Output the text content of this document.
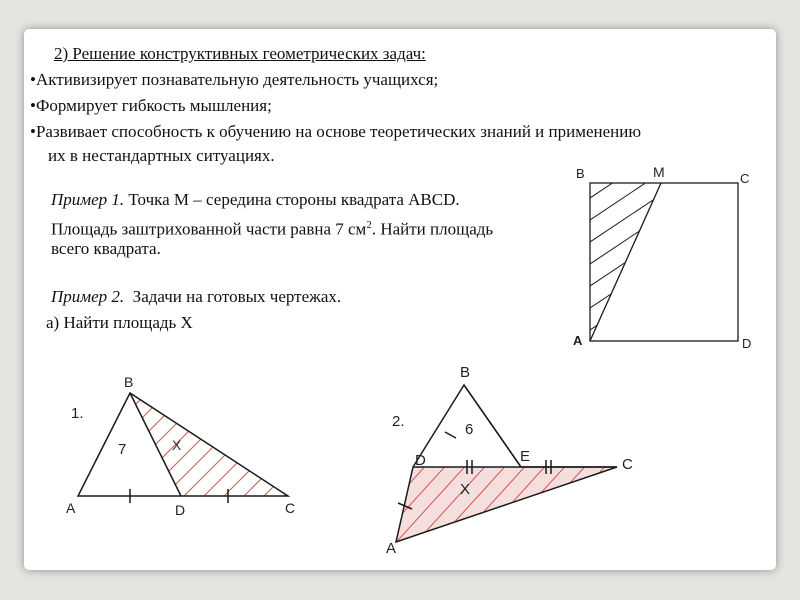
2) Решение конструктивных геометрических задач:
•Активизирует познавательную деятельность учащихся;
•Формирует гибкость мышления;
•Развивает способность к обучению на основе теоретических знаний и применению
их в нестандартных ситуациях.
Пример 1. Точка М – середина стороны квадрата АВСD.
Площадь заштрихованной части равна 7 $см^2$. Найти площадь
всего квадрата.
Пример 2. Задачи на готовых чертежах.
а) Найти площадь Х
B	M	C
A	D
1.
B
A	D	C
7	X
2.
B
D	E	C
A
6
X
